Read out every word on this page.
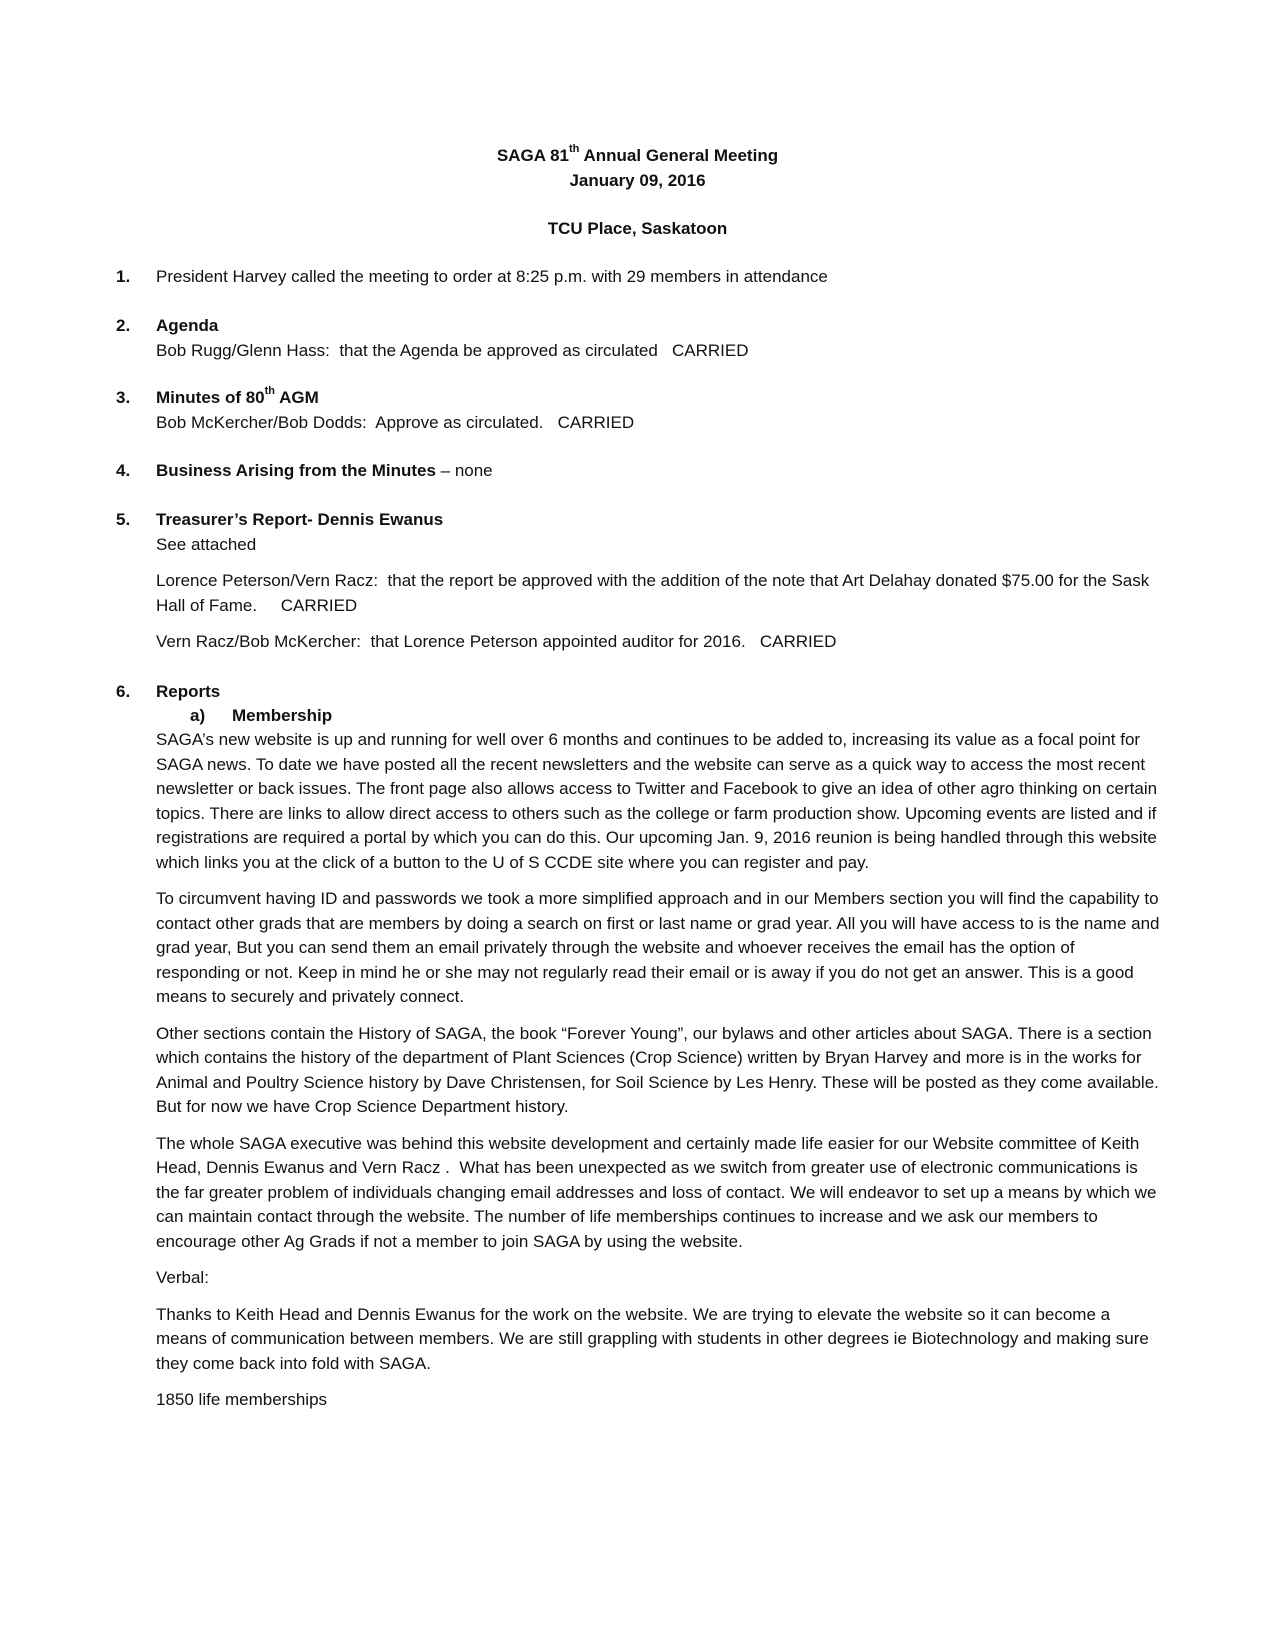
SAGA 81th Annual General Meeting
January 09, 2016
TCU Place, Saskatoon
1.	President Harvey called the meeting to order at 8:25 p.m. with 29 members in attendance
2.	Agenda
Bob Rugg/Glenn Hass:  that the Agenda be approved as circulated   CARRIED
3.	Minutes of 80th AGM
Bob McKercher/Bob Dodds:  Approve as circulated.   CARRIED
4.	Business Arising from the Minutes – none
5.	Treasurer’s Report- Dennis Ewanus
See attached

Lorence Peterson/Vern Racz:  that the report be approved with the addition of the note that Art Delahay donated $75.00 for the Sask Hall of Fame.     CARRIED

Vern Racz/Bob McKercher:  that Lorence Peterson appointed auditor for 2016.   CARRIED

6.	Reports
a) Membership

SAGA’s new website is up and running for well over 6 months and continues to be added to, increasing its value as a focal point for SAGA news. To date we have posted all the recent newsletters and the website can serve as a quick way to access the most recent newsletter or back issues. The front page also allows access to Twitter and Facebook to give an idea of other agro thinking on certain topics. There are links to allow direct access to others such as the college or farm production show. Upcoming events are listed and if registrations are required a portal by which you can do this. Our upcoming Jan. 9, 2016 reunion is being handled through this website which links you at the click of a button to the U of S CCDE site where you can register and pay.

To circumvent having ID and passwords we took a more simplified approach and in our Members section you will find the capability to contact other grads that are members by doing a search on first or last name or grad year. All you will have access to is the name and grad year, But you can send them an email privately through the website and whoever receives the email has the option of responding or not. Keep in mind he or she may not regularly read their email or is away if you do not get an answer. This is a good means to securely and privately connect.

Other sections contain the History of SAGA, the book “Forever Young”, our bylaws and other articles about SAGA. There is a section which contains the history of the department of Plant Sciences (Crop Science) written by Bryan Harvey and more is in the works for Animal and Poultry Science history by Dave Christensen, for Soil Science by Les Henry. These will be posted as they come available. But for now we have Crop Science Department history.

The whole SAGA executive was behind this website development and certainly made life easier for our Website committee of Keith Head, Dennis Ewanus and Vern Racz .  What has been unexpected as we switch from greater use of electronic communications is the far greater problem of individuals changing email addresses and loss of contact. We will endeavor to set up a means by which we can maintain contact through the website. The number of life memberships continues to increase and we ask our members to encourage other Ag Grads if not a member to join SAGA by using the website.

Verbal:

Thanks to Keith Head and Dennis Ewanus for the work on the website. We are trying to elevate the website so it can become a means of communication between members. We are still grappling with students in other degrees ie Biotechnology and making sure they come back into fold with SAGA.

1850 life memberships
